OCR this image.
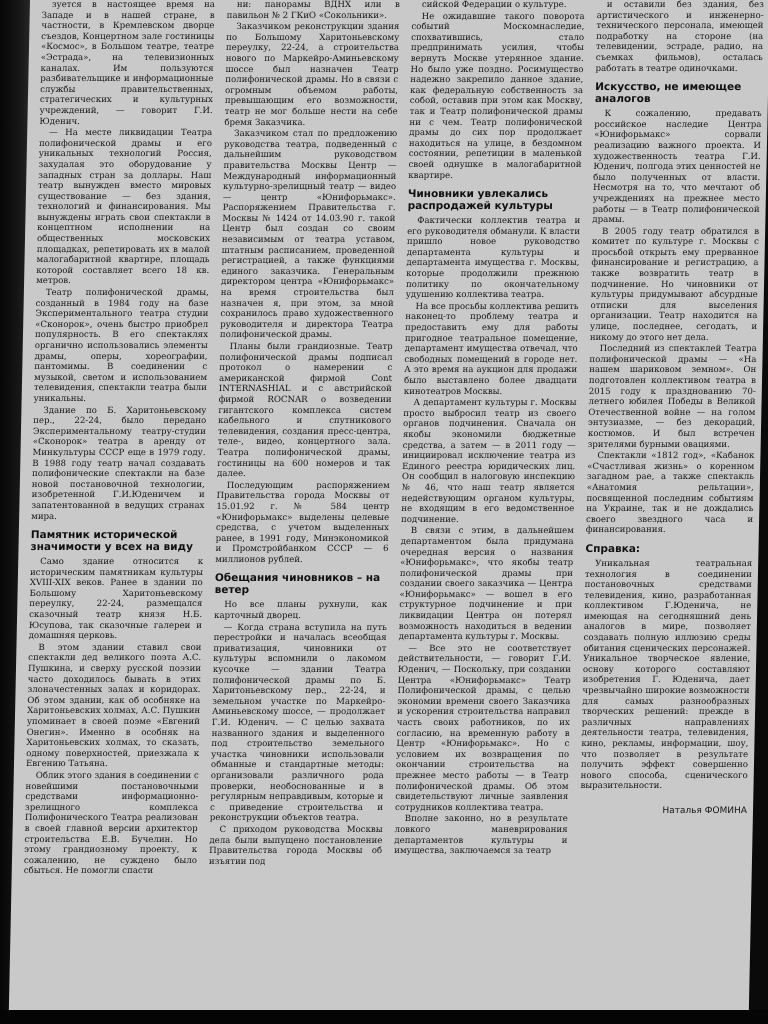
зуется в настоящее время на Западе и в нашей стране, в частности, в Кремлевском дворце съездов, Концертном зале гостиницы «Космос», в Большом театре, театре «Эстрада», на телевизионных каналах. Им пользуются разбивательщике и информационные службы правительственных, стратегических и культурных учреждений, — говорит Г.И. Юденич.

— На месте ликвидации Театра полифонической драмы и его уникальных технологий Россия, захудалая это оборудование у западных стран за доллары. Наш театр вынужден вместо мировых существование — без здания, технологий и финансирования. Мы вынуждены играть свои спектакли в концептном исполнении на общественных московских площадках, репетировать их в малой малогабаритной квартире, площадь которой составляет всего 18 кв. метров.

Театр полифонической драмы, созданный в 1984 году на базе Экспериментального театра студии «Сконорок», очень быстро приобрел популярность. В его спектаклях органично использовались элементы драмы, оперы, хореографии, пантомимы. В соединении с музыкой, светом и использованием телевидения, спектакли театра были уникальны.

Здание по Б. Харитоньевскому пер., 22-24, было передано Экспериментальному театру-студии «Сконорок» театра в аренду от Минкультуры СССР еще в 1979 году. В 1988 году театр начал создавать полифонические спектакли на базе новой постановочной технологии, изобретенной Г.И.Юденичем и запатентованной в ведущих странах мира.

Памятник исторической значимости у всех на виду

Само здание относится к историческим памятникам культуры XVIII-XIX веков. Ранее в здании по Большому Харитоньевскому переулку, 22-24, размещался сказочный театр князя Н.Б. Юсупова, так сказочные галереи и домашняя церковь.

В этом здании ставил свои спектакли дед великого поэта А.С. Пушкина, и сверху русской поэзии часто доходилось бывать в этих злоначестенных залах и коридорах. Об этом здании, как об особняке на Харитоньевских холмах, А.С. Пушкин упоминает в своей поэме «Евгений Онегин». Именно в особняк на Харитоньевских холмах, то сказать, одному поверхностей, приезжала к Евгению Татьяна.

Облик этого здания в соединении с новейшими постановочными средствами информационно-зрелищного комплекса Полифонического Театра реализован в своей главной версии архитектор строительства Е.В. Бучелин. Но этому грандиозному проекту, к сожалению, не суждено было сбыться. Не помогли спасти

ни: панорамы ВДНХ или в павильон № 2 ГКиО «Сокольники».

Заказчиком реконструкции здания по Большому Харитоньевскому переулку, 22-24, а строительства нового по Маркейро-Аминьевскому шоссе был назначен Театр полифонической драмы. Но в связи с огромным объемом работы, превышающим его возможности, театр не мог больше нести на себе бремя Заказчика.

Заказчиком стал по предложению руководства театра, подведенный с дальнейшим руководством правительства Москвы Центр — Международный информационный культурно-зрелищный театр — видео — центр «Юнифорьмакс». Распоряжением Правительства г. Москвы № 1424 от 14.03.90 г. такой Центр был создан со своим независимым от театра уставом, штатным расписанием, проведенной регистрацией, а также функциями единого заказчика. Генеральным директором центра «Юнифорьмакс» на время строительства был назначен я, при этом, за мной сохранилось право художественного руководителя и директора Театра полифонической драмы.

Планы были грандиозные. Театр полифонической драмы подписал протокол о намерении с американской фирмой Cont INTERNASHIAL и с австрийской фирмой ROCNAR о возведении гигантского комплекса систем кабельного и спутникового телевидения, создания пресс-центра, теле-, видео, концертного зала. Театра полифонической драмы, гостиницы на 600 номеров и так далее.

Последующим распоряжением Правительства города Москвы от 15.01.92 г. № 584 центр «Юнифорьмакс» выделены целевые средства, с учетом выделенных ранее, в 1991 году, Минэкономикой и Промстройбанком СССР — 6 миллионов рублей.

Обещания чиновников – на ветер

Но все планы рухнули, как карточный дворец.

— Когда страна вступила на путь перестройки и началась всеобщая приватизация, чиновники от культуры вспомнили о лакомом кусочке — здании Театра полифонической драмы по Б. Харитоньевскому пер., 22-24, и земельном участке по Маркейро-Аминьевскому шоссе, — продолжает Г.И. Юденич. — С целью захвата названного здания и выделенного под строительство земельного участка чиновники использовали обманные и стандартные методы: организовали различного рода проверки, необоснованные и в регулярным неправдивым, которые и с приведение строительства и реконструкции объектов театра.

С приходом руководства Москвы дела были выпущено постановление Правительства города Москвы об изъятии под

сийской Федерации о культуре.

Не ожидавшие такого поворота событий Москомнаследие, спохватившись, стало предпринимать усилия, чтобы вернуть Москве утерянное здание. Но было уже поздно. Росимущество надежно закрепило данное здание, как федеральную собственность за собой, оставив при этом как Москву, так и Театр полифонической драмы ни с чем. Театр полифонической драмы до сих пор продолжает находиться на улице, в бездомном состоянии, репетиции в маленькой своей однушке в малогабаритной квартире.

Чиновники увлекались распродажей культуры

Фактически коллектив театра и его руководителя обманули. К власти пришло новое руководство департамента культуры и департамента имущества г. Москвы, которые продолжили прежнюю политику по окончательному удушению коллектива театра.

На все просьбы коллектива решить наконец-то проблему театра и предоставить ему для работы пригодное театральное помещение, департамент имущества отвечал, что свободных помещений в городе нет. А это время на аукцион для продажи было выставлено более двадцати кинотеатров Москвы.

А департамент культуры г. Москвы просто выбросил театр из своего органов подчинения. Сначала он якобы экономили бюджетные средства, а затем — в 2011 году — инициировал исключение театра из Единого реестра юридических лиц. Он сообщил в налоговую инспекцию № 46, что наш театр является недействующим органом культуры, не входящим в его ведомственное подчинение.

В связи с этим, в дальнейшем департаментом была придумана очередная версия о названия «Юнифорьмакс», что якобы театр полифонической драмы при создании своего заказчика — Центра «Юнифорьмакс» — вошел в его структурное подчинение и при ликвидации Центра он потерял возможность находиться в ведении департамента культуры г. Москвы.

— Все это не соответствует действительности, — говорит Г.И. Юденич, — Поскольку, при создании Центра «Юнифорьмакс» Театр Полифонической драмы, с целью экономии времени своего Заказчика и ускорения строительства направил часть своих работников, по их согласию, на временную работу в Центр «Юнифорьмакс». Но с условием их возвращения по окончании строительства на прежнее место работы — в Театр полифонической драмы. Об этом свидетельствуют личные заявления сотрудников коллектива театра.

Вполне законно, но в результате ловкого маневрирования департаментов культуры и имущества, заключаемся за театр

и оставили без здания, без артистического и инженерно-технического персонала, имеющей подработку на стороне (на телевидении, эстраде, радио, на съемках фильмов), осталась работать в театре одиночками.

Искусство, не имеющее аналогов

К сожалению, предавать российское наследие Центра «Юнифорьмакс» сорвали реализацию важного проекта. И художественность театра Г.И. Юденич, полгода этих ценностей не было полученных от власти. Несмотря на то, что мечтают об учреждениях на прежнее место работы — в Театр полифонической драмы.

В 2005 году театр обратился в комитет по культуре г. Москвы с просьбой открыть ему прерванное финансирование и регистрацию, а также возвратить театр в подчинение. Но чиновники от культуры придумывают абсурдные отписки для выселения организации. Театр находится на улице, последнее, сегодать, и никому до этого нет дела.

Последний из спектаклей Театра полифонической драмы — «На нашем шариковом земном». Он подготовлен коллективом театра в 2015 году к празднованию 70-летнего юбилея Победы в Великой Отечественной войне — на голом энтузиазме, — без декораций, костюмов. И был встречен зрителями бурными овациями.

Спектакли «1812 год», «Кабанок «Счастливая жизнь» о коренном загадном рае, а также спектакль «Анатомия рельтации», посвященной последним событиям на Украине, так и не дождались своего звездного часа и финансирования.

Справка:

Уникальная театральная технология в соединении постановочных средствами телевидения, кино, разработанная коллективом Г.Юденича, не имеющая на сегодняшний день аналогов в мире, позволяет создавать полную иллюзию среды обитания сценических персонажей. Уникальное творческое явление, основу которого составляют изобретения Г. Юденича, дает чрезвычайно широкие возможности для самых разнообразных творческих решений: прежде в различных направлениях деятельности театра, телевидения, кино, рекламы, информации, шоу, что позволяет в результате получить эффект совершенно нового способа, сценического выразительности.

Наталья ФОМИНА
